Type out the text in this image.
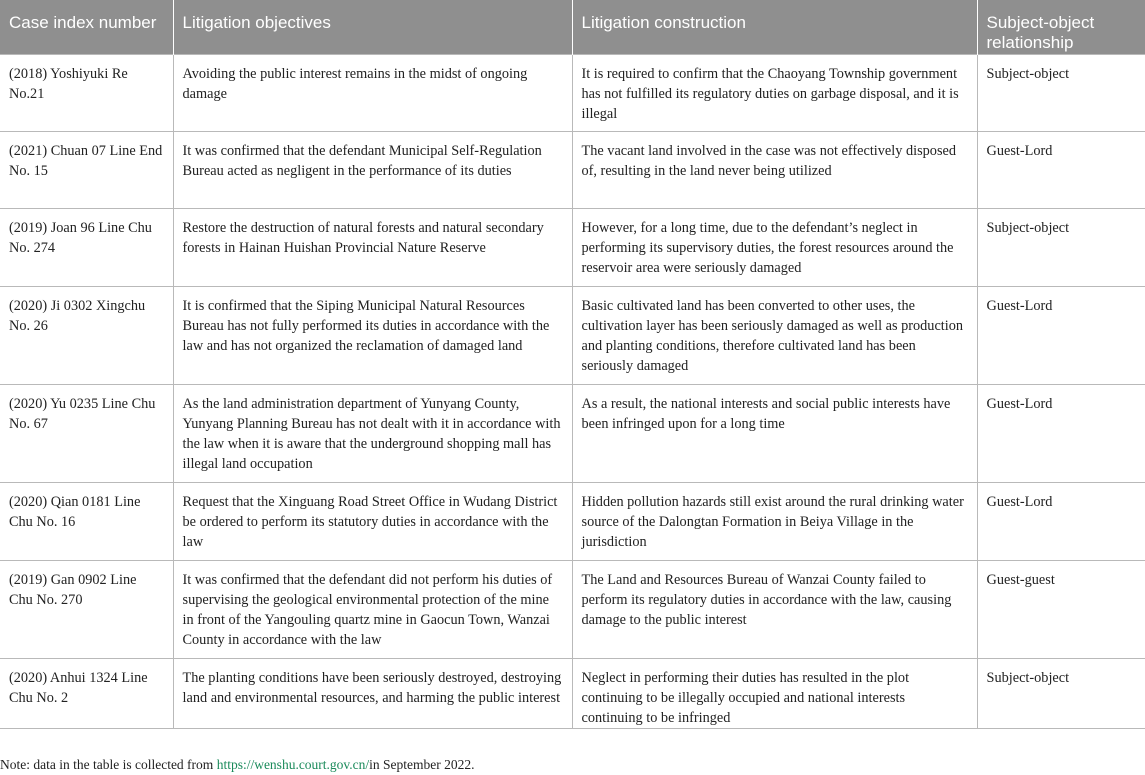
Case index number	Litigation objectives	Litigation construction	Subject-object relationship
(2018) Yoshiyuki Re No.21	Avoiding the public interest remains in the midst of ongoing damage	It is required to confirm that the Chaoyang Township government has not fulfilled its regulatory duties on garbage disposal, and it is illegal	Subject-object
(2021) Chuan 07 Line End No. 15	It was confirmed that the defendant Municipal Self-Regulation Bureau acted as negligent in the performance of its duties	The vacant land involved in the case was not effectively disposed of, resulting in the land never being utilized	Guest-Lord
(2019) Joan 96 Line Chu No. 274	Restore the destruction of natural forests and natural secondary forests in Hainan Huishan Provincial Nature Reserve	However, for a long time, due to the defendant’s neglect in performing its supervisory duties, the forest resources around the reservoir area were seriously damaged	Subject-object
(2020) Ji 0302 Xingchu No. 26	It is confirmed that the Siping Municipal Natural Resources Bureau has not fully performed its duties in accordance with the law and has not organized the reclamation of damaged land	Basic cultivated land has been converted to other uses, the cultivation layer has been seriously damaged as well as production and planting conditions, therefore cultivated land has been seriously damaged	Guest-Lord
(2020) Yu 0235 Line Chu No. 67	As the land administration department of Yunyang County, Yunyang Planning Bureau has not dealt with it in accordance with the law when it is aware that the underground shopping mall has illegal land occupation	As a result, the national interests and social public interests have been infringed upon for a long time	Guest-Lord
(2020) Qian 0181 Line Chu No. 16	Request that the Xinguang Road Street Office in Wudang District be ordered to perform its statutory duties in accordance with the law	Hidden pollution hazards still exist around the rural drinking water source of the Dalongtan Formation in Beiya Village in the jurisdiction	Guest-Lord
(2019) Gan 0902 Line Chu No. 270	It was confirmed that the defendant did not perform his duties of supervising the geological environmental protection of the mine in front of the Yangouling quartz mine in Gaocun Town, Wanzai County in accordance with the law	The Land and Resources Bureau of Wanzai County failed to perform its regulatory duties in accordance with the law, causing damage to the public interest	Guest-guest
(2020) Anhui 1324 Line Chu No. 2	The planting conditions have been seriously destroyed, destroying land and environmental resources, and harming the public interest	Neglect in performing their duties has resulted in the plot continuing to be illegally occupied and national interests continuing to be infringed	Subject-object
Note: data in the table is collected from https://wenshu.court.gov.cn/in September 2022.
